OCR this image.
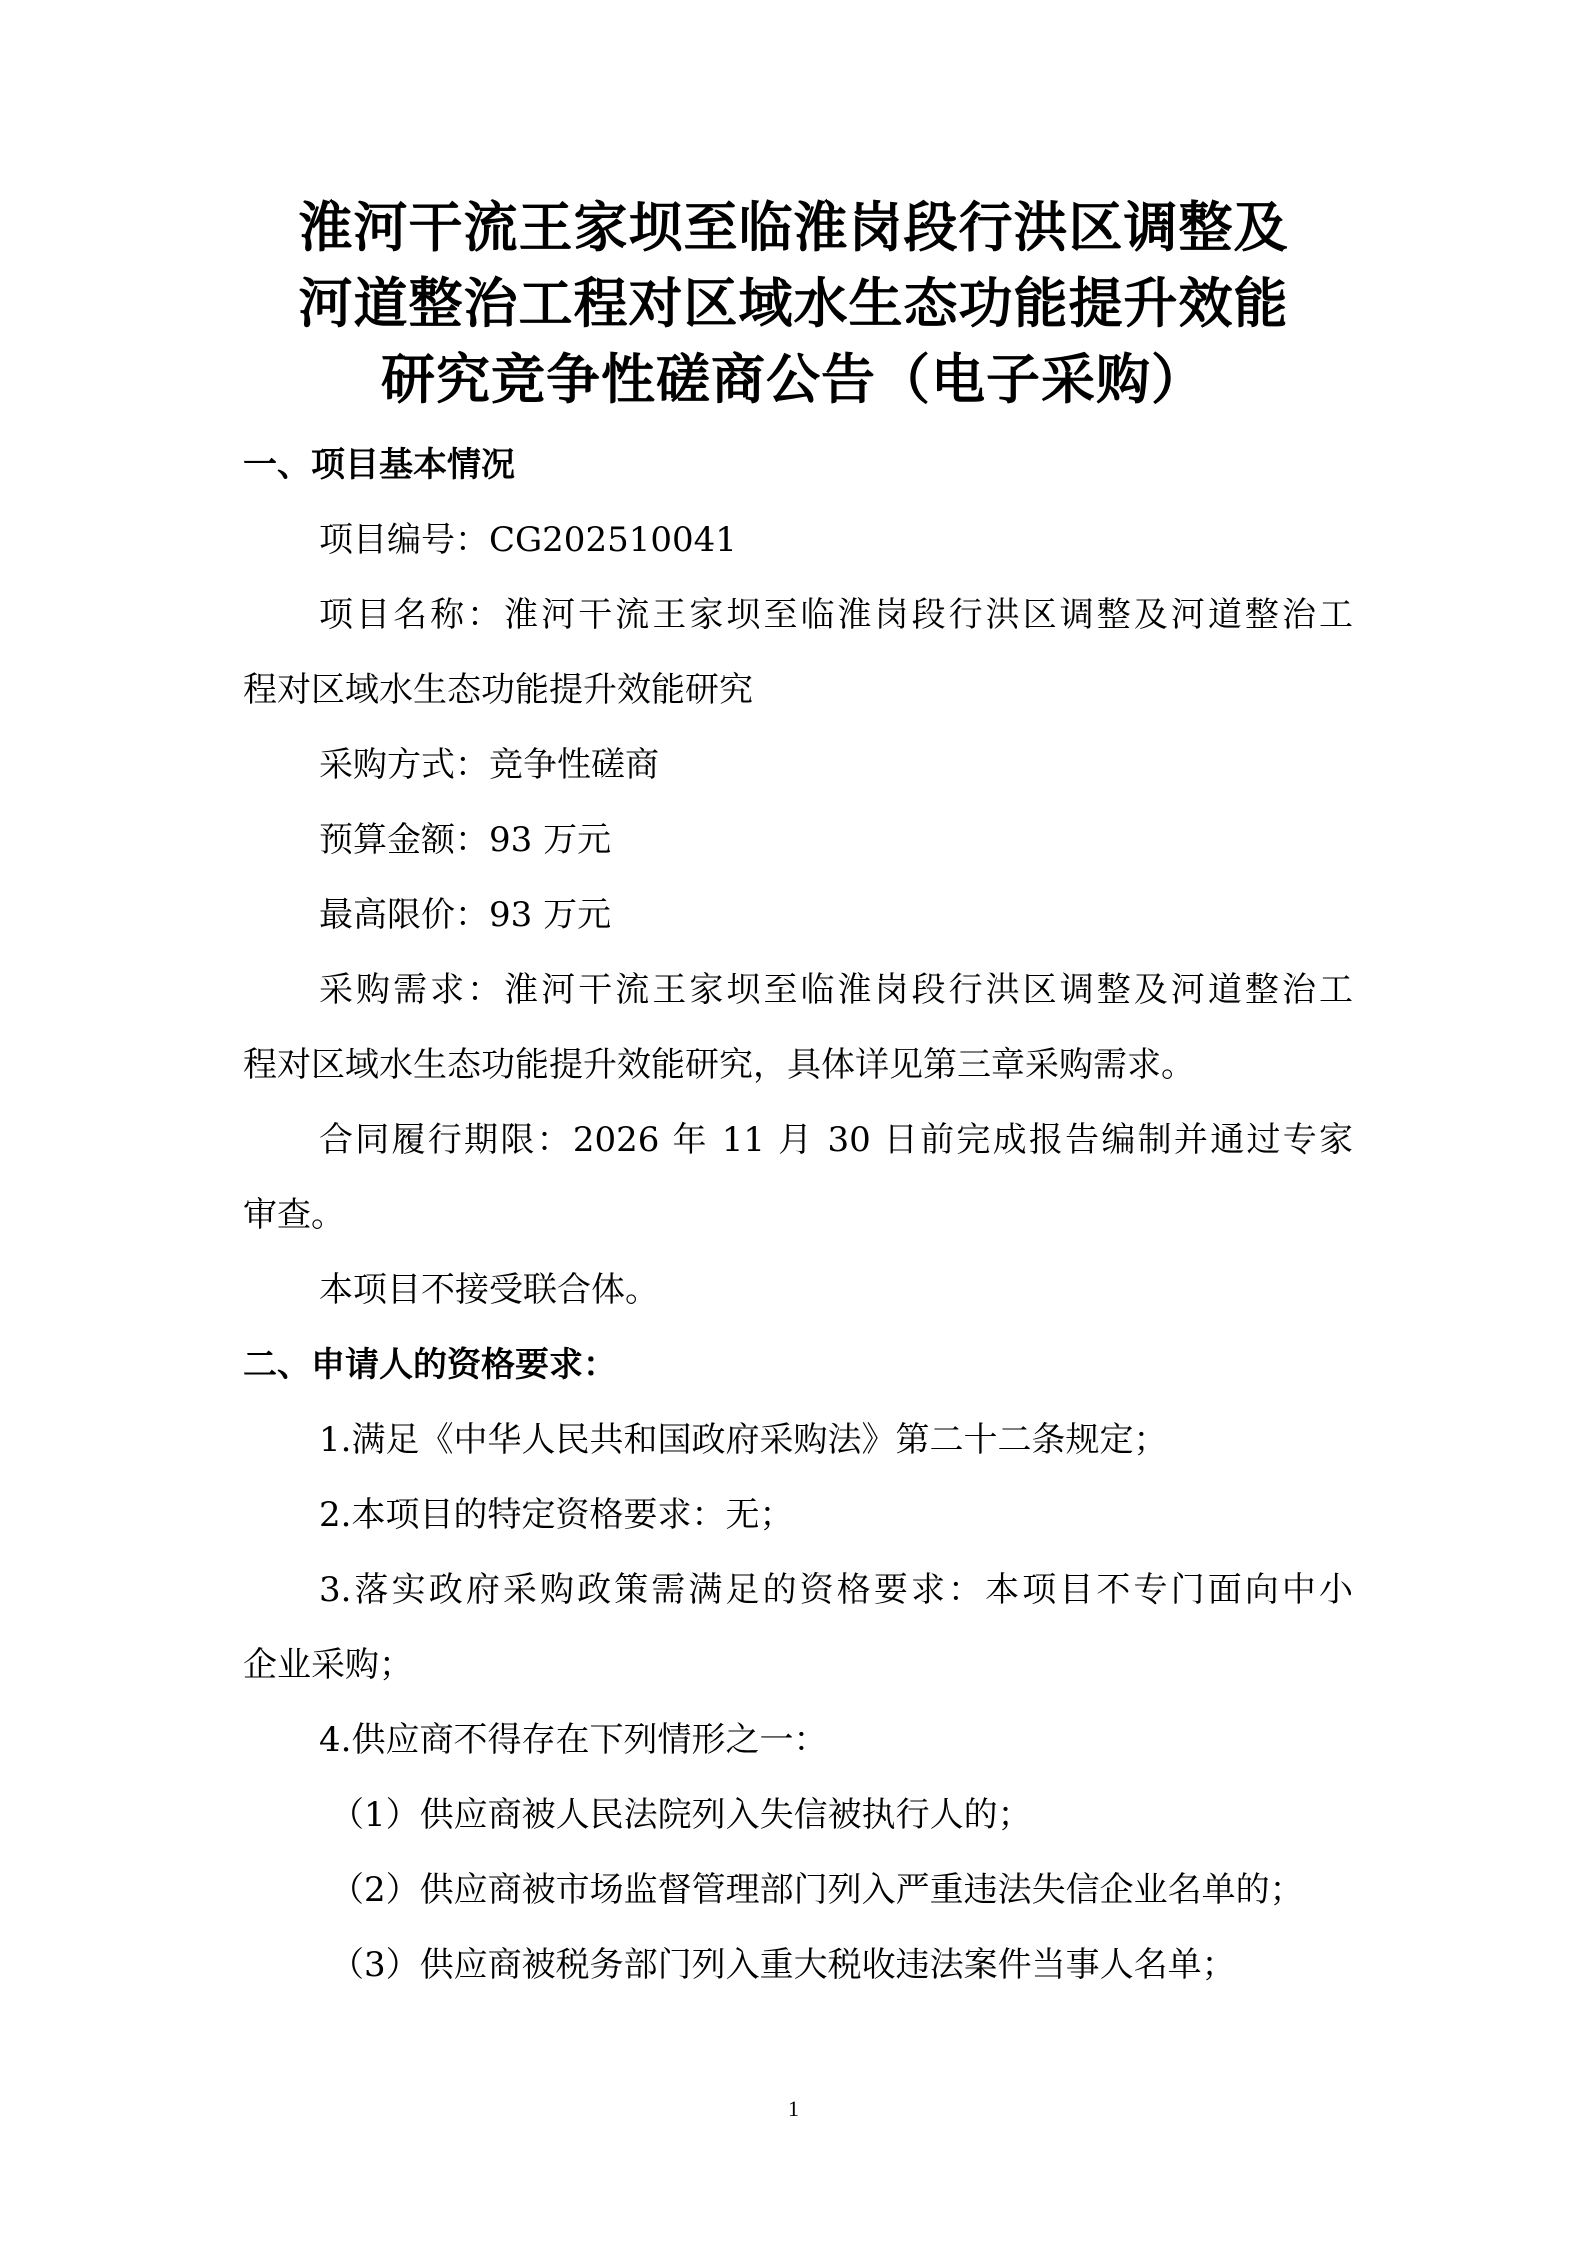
淮河干流王家坝至临淮岗段行洪区调整及
河道整治工程对区域水生态功能提升效能
研究竞争性磋商公告（电子采购）
一、项目基本情况
项目编号：CG202510041
项目名称：淮河干流王家坝至临淮岗段行洪区调整及河道整治工
程对区域水生态功能提升效能研究
采购方式：竞争性磋商
预算金额：93 万元
最高限价：93 万元
采购需求：淮河干流王家坝至临淮岗段行洪区调整及河道整治工
程对区域水生态功能提升效能研究，具体详见第三章采购需求。
合同履行期限：2026 年 11 月 30 日前完成报告编制并通过专家
审查。
本项目不接受联合体。
二、申请人的资格要求：
1.满足《中华人民共和国政府采购法》第二十二条规定；
2.本项目的特定资格要求：无；
3.落实政府采购政策需满足的资格要求：本项目不专门面向中小
企业采购；
4.供应商不得存在下列情形之一：
（1）供应商被人民法院列入失信被执行人的；
（2）供应商被市场监督管理部门列入严重违法失信企业名单的；
（3）供应商被税务部门列入重大税收违法案件当事人名单；
1
